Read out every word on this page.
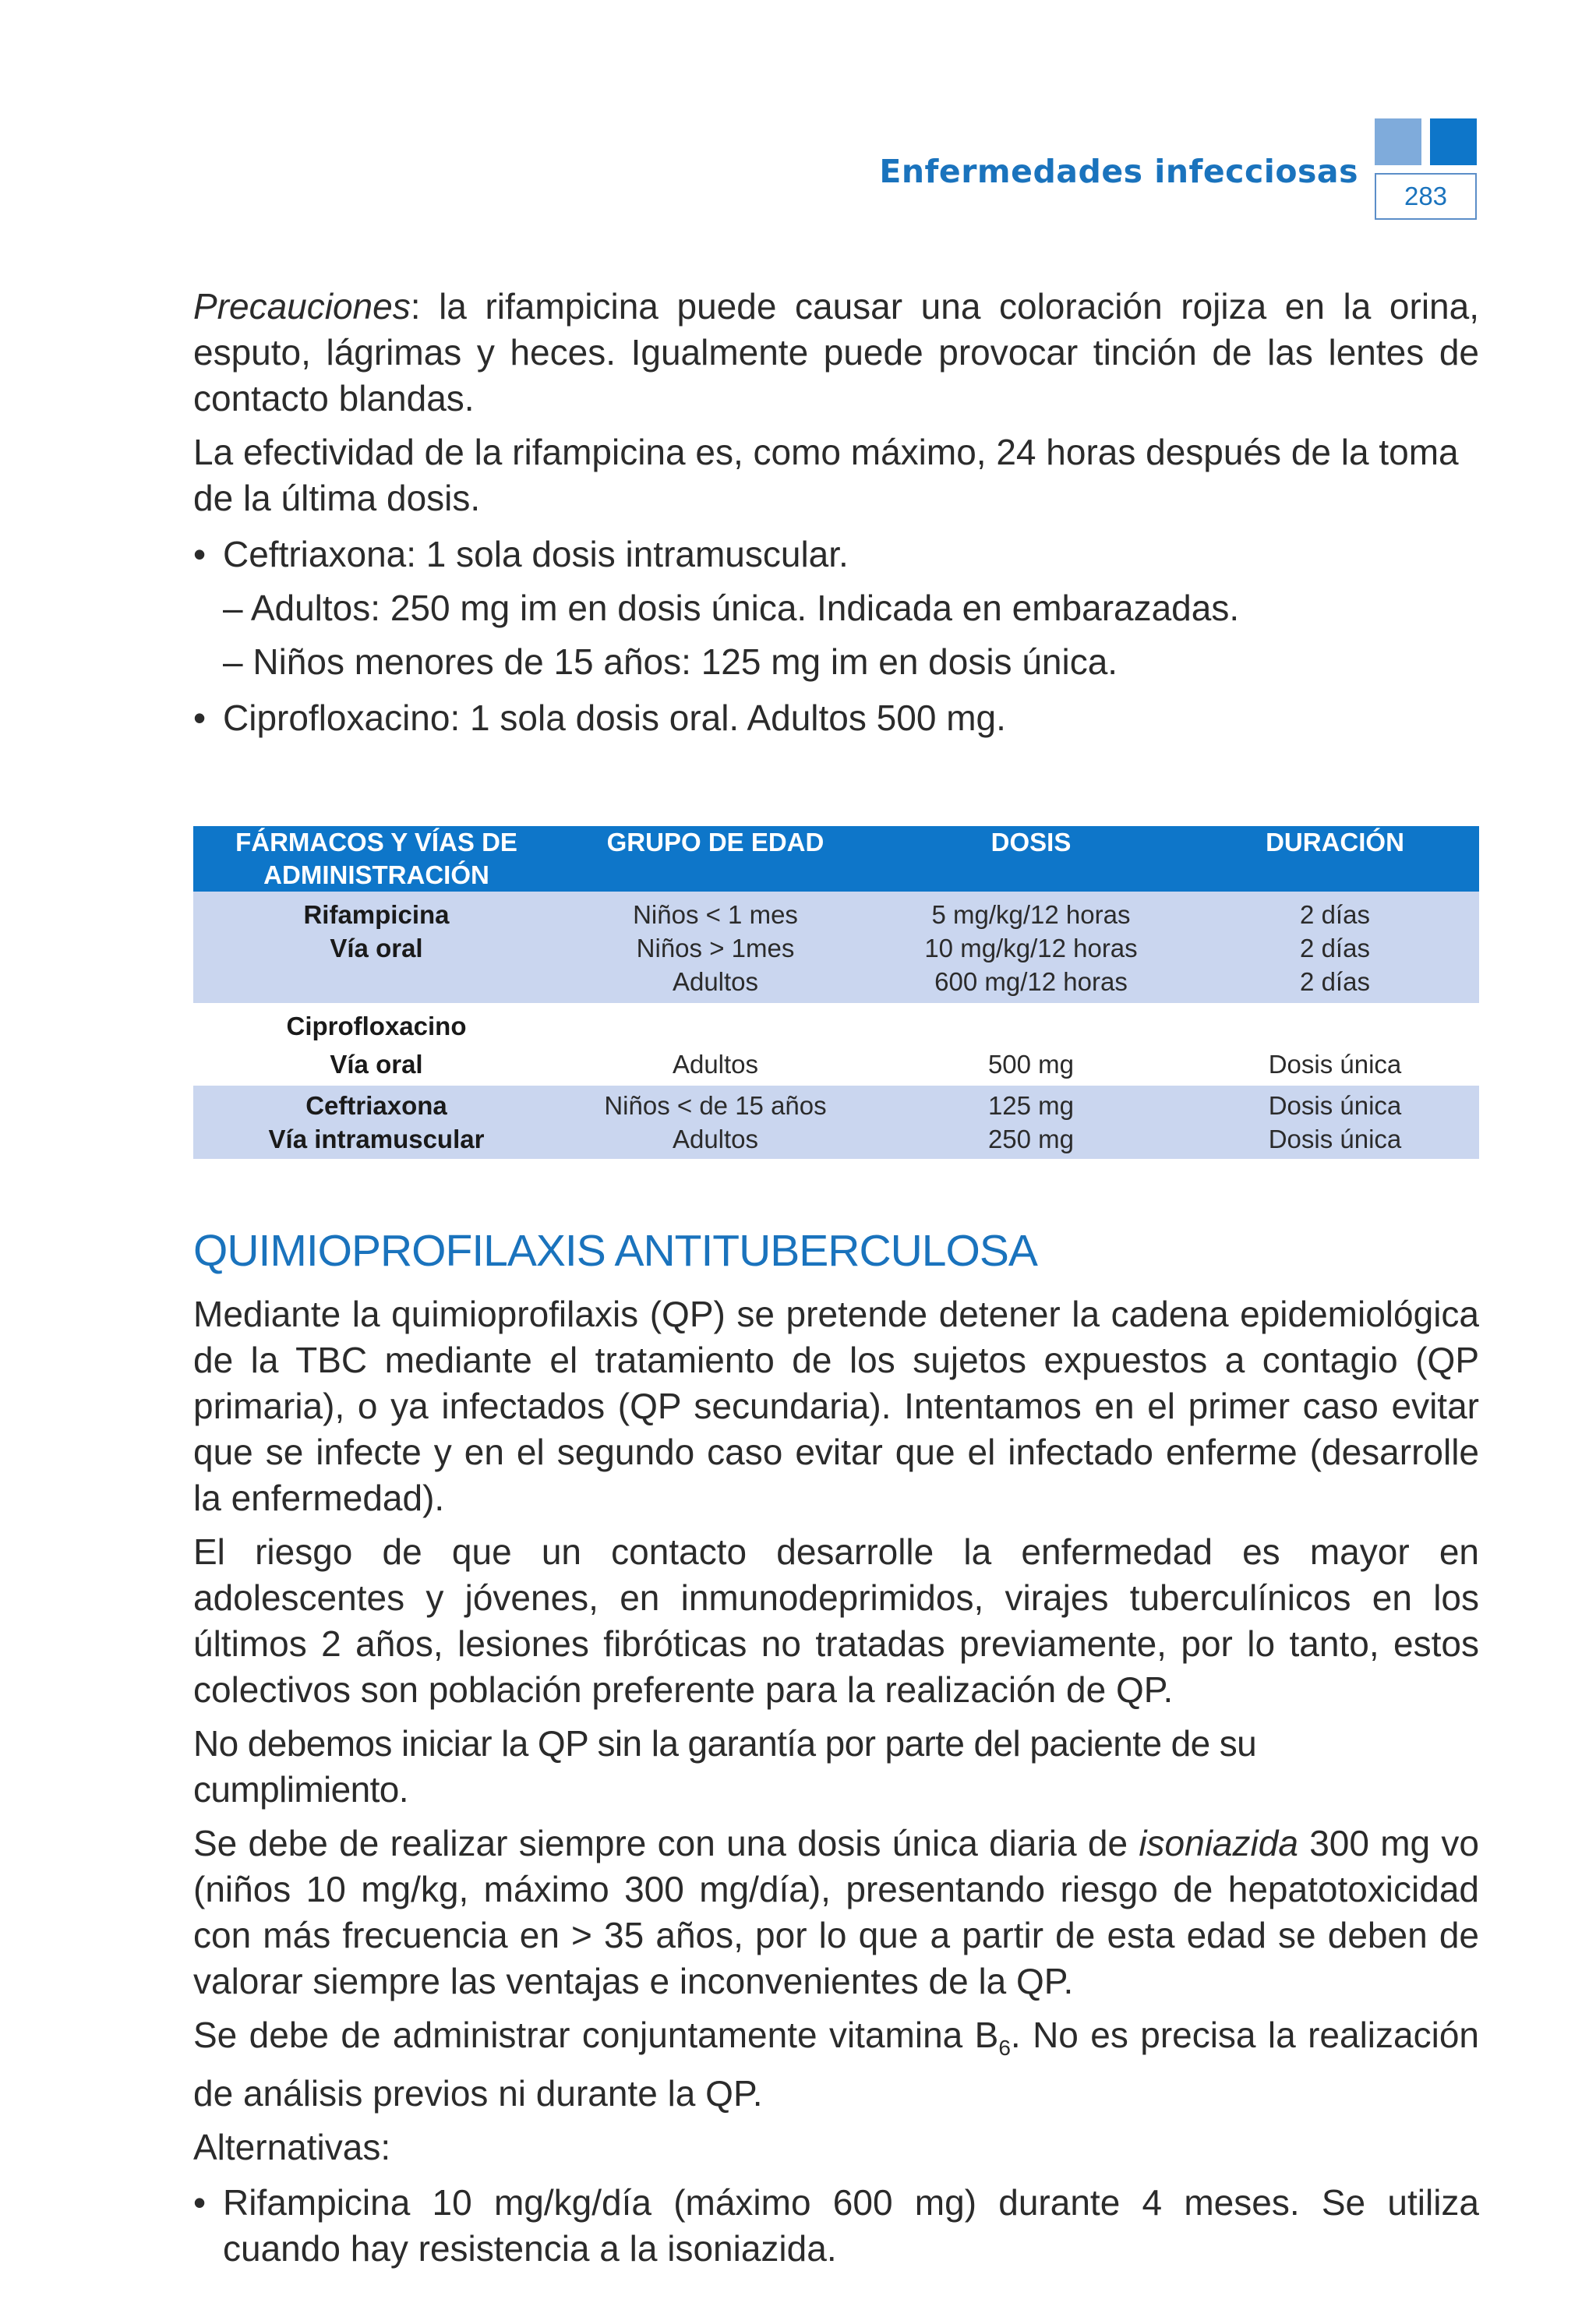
Enfermedades infecciosas
283

Precauciones: la rifampicina puede causar una coloración rojiza en la orina, esputo, lágrimas y heces. Igualmente puede provocar tinción de las lentes de contacto blandas.

La efectividad de la rifampicina es, como máximo, 24 horas después de la toma de la última dosis.

• Ceftriaxona: 1 sola dosis intramuscular.
– Adultos: 250 mg im en dosis única. Indicada en embarazadas.
– Niños menores de 15 años: 125 mg im en dosis única.
• Ciprofloxacino: 1 sola dosis oral. Adultos 500 mg.
FÁRMACOS Y VÍAS DE ADMINISTRACIÓN	GRUPO DE EDAD	DOSIS	DURACIÓN
Rifampicina	Niños < 1 mes	5 mg/kg/12 horas	2 días
Vía oral	Niños > 1mes	10 mg/kg/12 horas	2 días
	Adultos	600 mg/12 horas	2 días
Ciprofloxacino			
Vía oral	Adultos	500 mg	Dosis única
Ceftriaxona	Niños < de 15 años	125 mg	Dosis única
Vía intramuscular	Adultos	250 mg	Dosis única
QUIMIOPROFILAXIS ANTITUBERCULOSA

Mediante la quimioprofilaxis (QP) se pretende detener la cadena epidemiológica de la TBC mediante el tratamiento de los sujetos expuestos a contagio (QP primaria), o ya infectados (QP secundaria). Intentamos en el primer caso evitar que se infecte y en el segundo caso evitar que el infectado enferme (desarrolle la enfermedad).

El riesgo de que un contacto desarrolle la enfermedad es mayor en adolescentes y jóvenes, en inmunodeprimidos, virajes tuberculínicos en los últimos 2 años, lesiones fibróticas no tratadas previamente, por lo tanto, estos colectivos son población preferente para la realización de QP.

No debemos iniciar la QP sin la garantía por parte del paciente de su cumplimiento.

Se debe de realizar siempre con una dosis única diaria de isoniazida 300 mg vo (niños 10 mg/kg, máximo 300 mg/día), presentando riesgo de hepatotoxicidad con más frecuencia en > 35 años, por lo que a partir de esta edad se deben de valorar siempre las ventajas e inconvenientes de la QP.

Se debe de administrar conjuntamente vitamina $B_6$. No es precisa la realización de análisis previos ni durante la QP.

Alternativas:

• Rifampicina 10 mg/kg/día (máximo 600 mg) durante 4 meses. Se utiliza cuando hay resistencia a la isoniazida.
